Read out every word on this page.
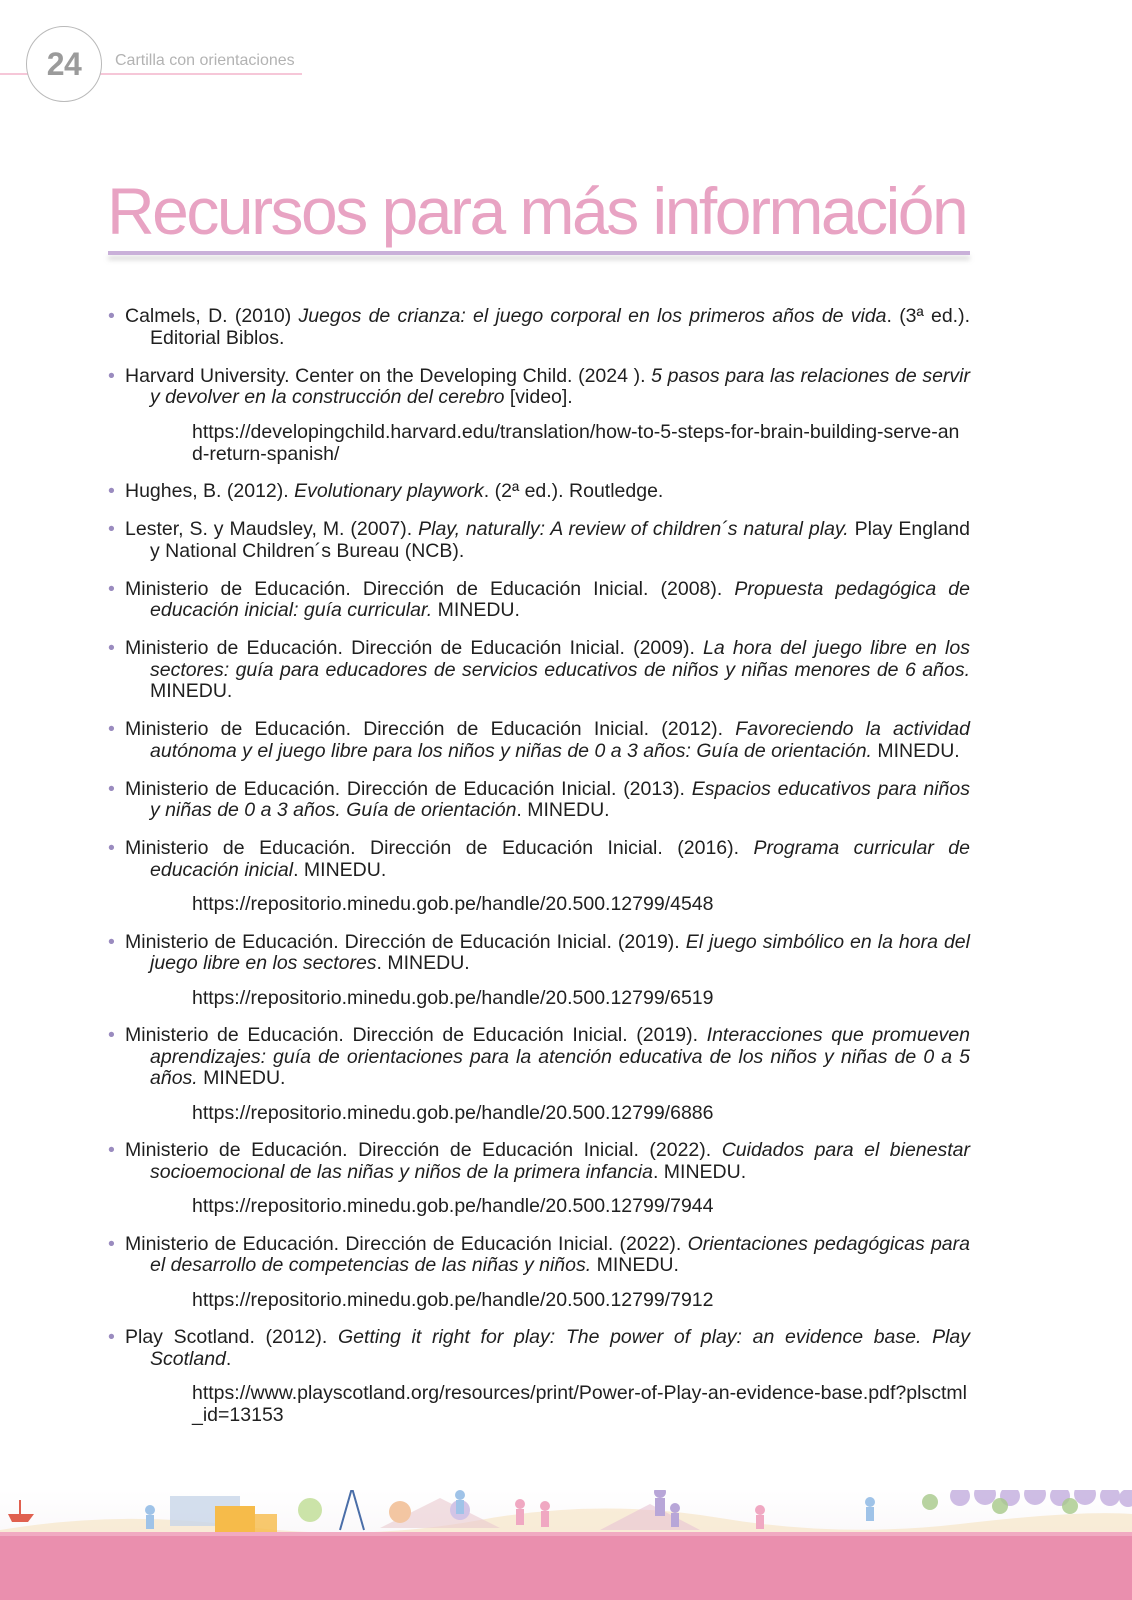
24 Cartilla con orientaciones
Recursos para más información
• Calmels, D. (2010) Juegos de crianza: el juego corporal en los primeros años de vida. (3ª ed.). Editorial Biblos.
• Harvard University. Center on the Developing Child. (2024 ). 5 pasos para las relaciones de servir y devolver en la construcción del cerebro [video].
https://developingchild.harvard.edu/translation/how-to-5-steps-for-brain-building-serve-and-return-spanish/
• Hughes, B. (2012). Evolutionary playwork. (2ª ed.). Routledge.
• Lester, S. y Maudsley, M. (2007). Play, naturally: A review of children´s natural play. Play England y National Children´s Bureau (NCB).
• Ministerio de Educación. Dirección de Educación Inicial. (2008). Propuesta pedagógica de educación inicial: guía curricular. MINEDU.
• Ministerio de Educación. Dirección de Educación Inicial. (2009). La hora del juego libre en los sectores: guía para educadores de servicios educativos de niños y niñas menores de 6 años. MINEDU.
• Ministerio de Educación. Dirección de Educación Inicial. (2012). Favoreciendo la actividad autónoma y el juego libre para los niños y niñas de 0 a 3 años: Guía de orientación. MINEDU.
• Ministerio de Educación. Dirección de Educación Inicial. (2013). Espacios educativos para niños y niñas de 0 a 3 años. Guía de orientación. MINEDU.
• Ministerio de Educación. Dirección de Educación Inicial. (2016). Programa curricular de educación inicial. MINEDU.
https://repositorio.minedu.gob.pe/handle/20.500.12799/4548
• Ministerio de Educación. Dirección de Educación Inicial. (2019). El juego simbólico en la hora del juego libre en los sectores. MINEDU.
https://repositorio.minedu.gob.pe/handle/20.500.12799/6519
• Ministerio de Educación. Dirección de Educación Inicial. (2019). Interacciones que promueven aprendizajes: guía de orientaciones para la atención educativa de los niños y niñas de 0 a 5 años. MINEDU.
https://repositorio.minedu.gob.pe/handle/20.500.12799/6886
• Ministerio de Educación. Dirección de Educación Inicial. (2022). Cuidados para el bienestar socioemocional de las niñas y niños de la primera infancia. MINEDU.
https://repositorio.minedu.gob.pe/handle/20.500.12799/7944
• Ministerio de Educación. Dirección de Educación Inicial. (2022). Orientaciones pedagógicas para el desarrollo de competencias de las niñas y niños. MINEDU.
https://repositorio.minedu.gob.pe/handle/20.500.12799/7912
• Play Scotland. (2012). Getting it right for play: The power of play: an evidence base. Play Scotland.
https://www.playscotland.org/resources/print/Power-of-Play-an-evidence-base.pdf?plsctml_id=13153
